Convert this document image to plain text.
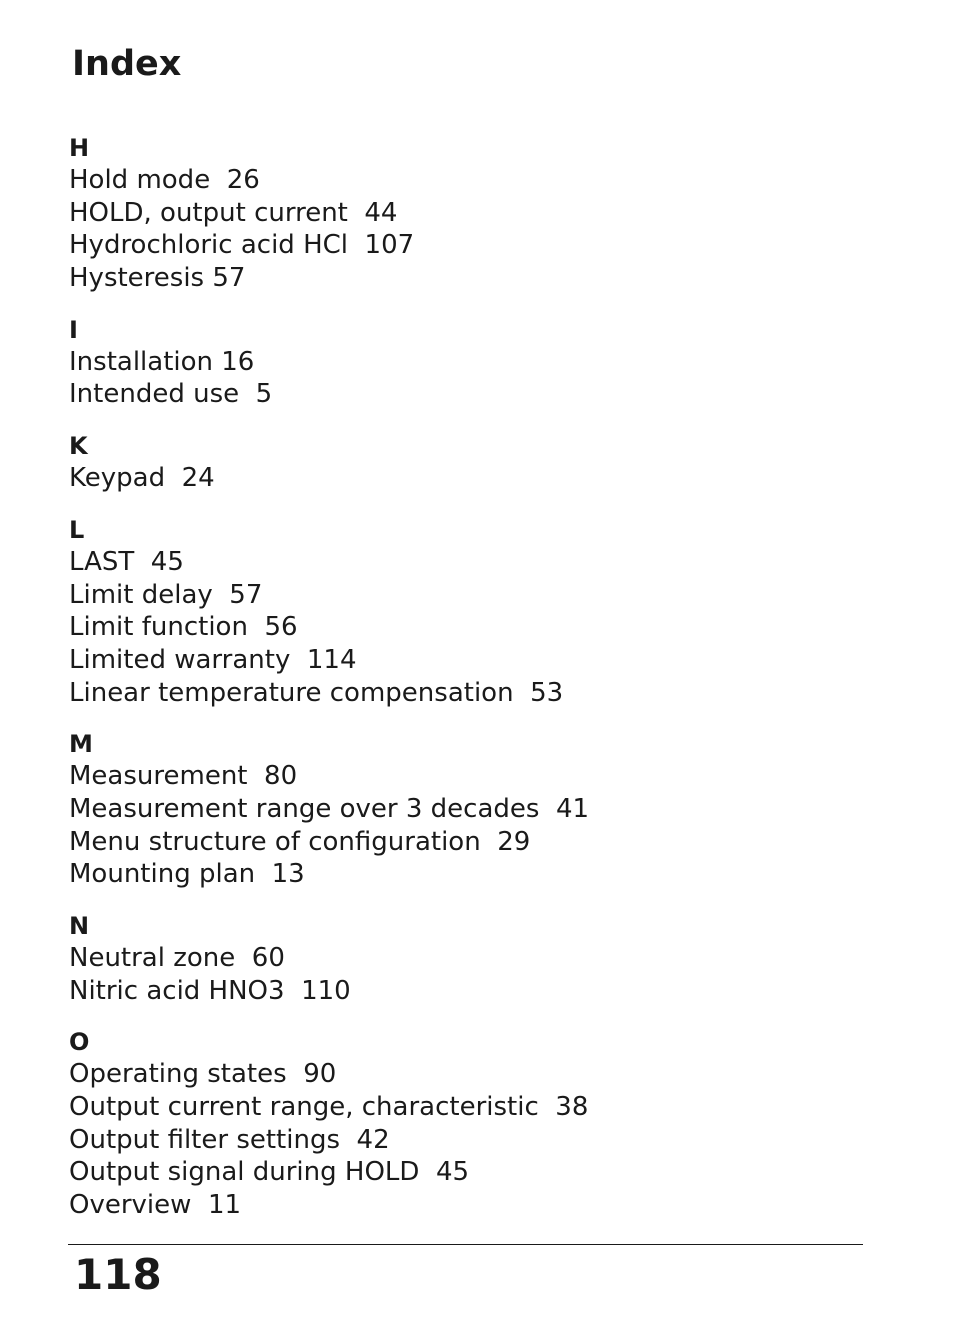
Index
H
Hold mode  26
HOLD, output current  44
Hydrochloric acid HCl  107
Hysteresis 57
I
Installation 16
Intended use  5
K
Keypad  24
L
LAST  45
Limit delay  57
Limit function  56
Limited warranty  114
Linear temperature compensation  53
M
Measurement  80
Measurement range over 3 decades  41
Menu structure of configuration  29
Mounting plan  13
N
Neutral zone  60
Nitric acid HNO3  110
O
Operating states  90
Output current range, characteristic  38
Output filter settings  42
Output signal during HOLD  45
Overview  11
118
